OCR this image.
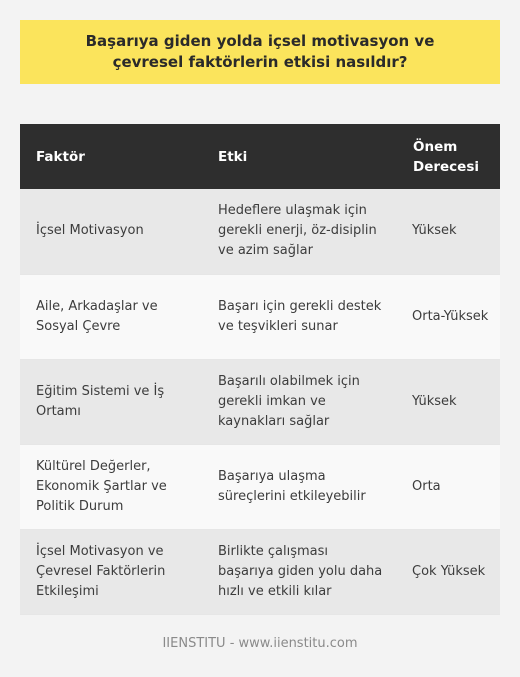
Başarıya giden yolda içsel motivasyon ve çevresel faktörlerin etkisi nasıldır?
Faktör	Etki	Önem Derecesi
İçsel Motivasyon	Hedeflere ulaşmak için gerekli enerji, öz-disiplin ve azim sağlar	Yüksek
Aile, Arkadaşlar ve Sosyal Çevre	Başarı için gerekli destek ve teşvikleri sunar	Orta-Yüksek
Eğitim Sistemi ve İş Ortamı	Başarılı olabilmek için gerekli imkan ve kaynakları sağlar	Yüksek
Kültürel Değerler, Ekonomik Şartlar ve Politik Durum	Başarıya ulaşma süreçlerini etkileyebilir	Orta
İçsel Motivasyon ve Çevresel Faktörlerin Etkileşimi	Birlikte çalışması başarıya giden yolu daha hızlı ve etkili kılar	Çok Yüksek
IIENSTITU - www.iienstitu.com
